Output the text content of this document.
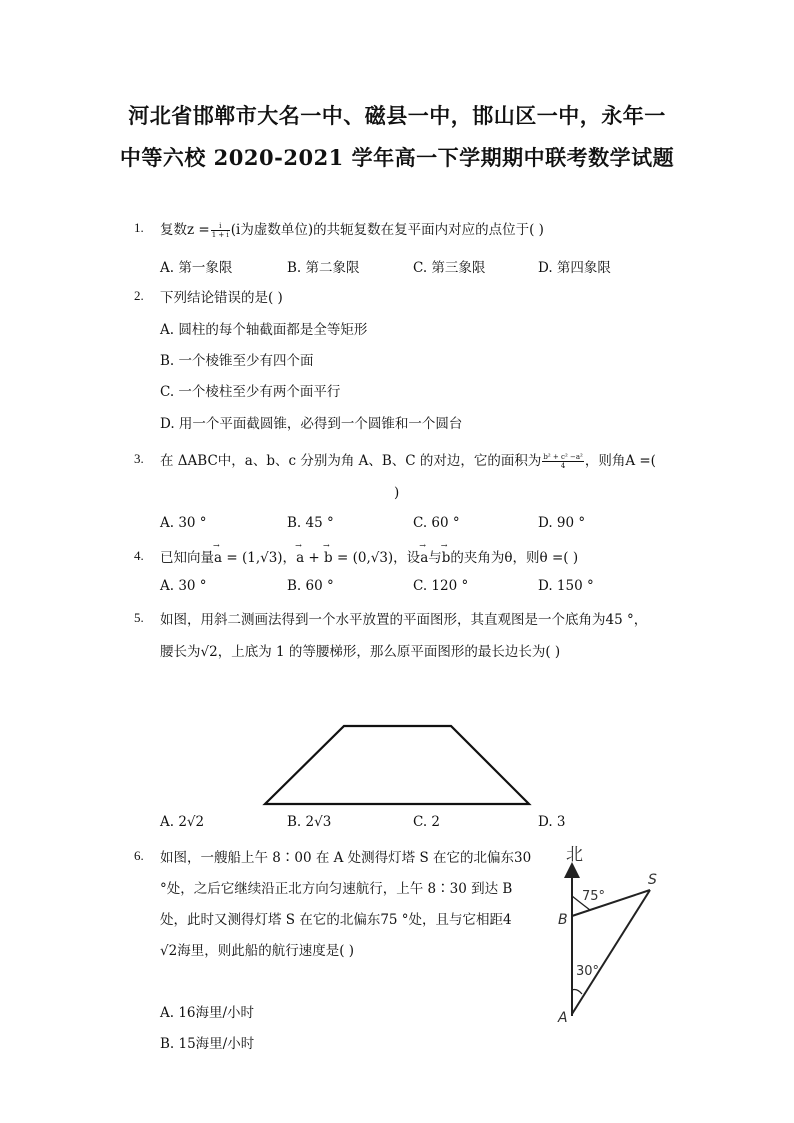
河北省邯郸市大名一中、磁县一中，邯山区一中，永年一
中等六校 2020-2021 学年高一下学期期中联考数学试题
1. 复数$z = \frac{i}{1 + i} (i$为虚数单位)的共轭复数在复平面内对应的点位于( )
A. 第一象限	B. 第二象限	C. 第三象限	D. 第四象限
2. 下列结论错误的是( )
A. 圆柱的每个轴截面都是全等矩形
B. 一个棱锥至少有四个面
C. 一个棱柱至少有两个面平行
D. 用一个平面截圆锥，必得到一个圆锥和一个圆台
3. 在 ΔABC中，a、b、c 分别为角 A、B、C 的对边，它的面积为 $\frac{\text{b² + c² −a²}}{4}$ ，则角A =(
)
A. 30 °	B. 45 °	C. 60 °	D. 90 °
4. 已知向量→ a = (1,√3)，→ a + → b = (0,√3)，设→ a与→ b的夹角为θ，则θ =( )
A. 30 °	B. 60 °	C. 120 °	D. 150 °
5. 如图，用斜二测画法得到一个水平放置的平面图形，其直观图是一个底角为45 °，
腰长为√2，上底为 1 的等腰梯形，那么原平面图形的最长边长为( )
A. 2√2	B. 2√3	C. 2	D. 3
6. 如图，一艘船上午 8∶00 在 A 处测得灯塔 S 在它的北偏东30
°处，之后它继续沿正北方向匀速航行，上午 8∶30 到达 B
处，此时又测得灯塔 S 在它的北偏东75 °处，且与它相距4
√2海里，则此船的航行速度是( )
A. 16海里/小时
B. 15海里/小时
北
S
B
A
75°
30°
